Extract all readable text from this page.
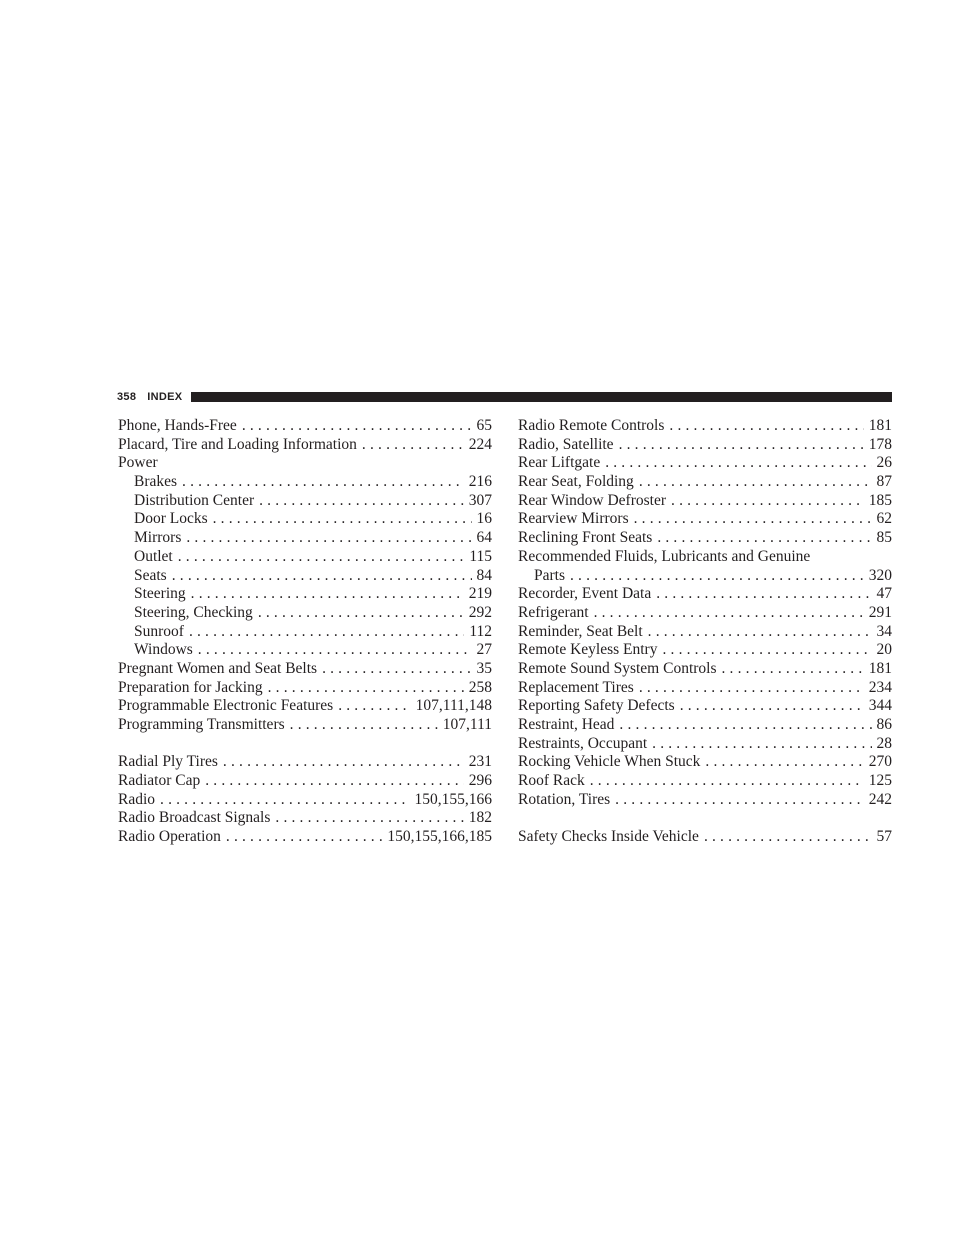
358 INDEX
Phone, Hands-Free . . .	65
Placard, Tire and Loading Information . . .	224
Power
Brakes . . .	216
Distribution Center . . .	307
Door Locks . . .	16
Mirrors . . .	64
Outlet . . .	115
Seats . . .	84
Steering . . .	219
Steering, Checking . . .	292
Sunroof . . .	112
Windows . . .	27
Pregnant Women and Seat Belts . . .	35
Preparation for Jacking . . .	258
Programmable Electronic Features . . .	107,111,148
Programming Transmitters . . .	107,111
Radial Ply Tires . . .	231
Radiator Cap . . .	296
Radio . . .	150,155,166
Radio Broadcast Signals . . .	182
Radio Operation . . .	150,155,166,185
Radio Remote Controls . . .	181
Radio, Satellite . . .	178
Rear Liftgate . . .	26
Rear Seat, Folding . . .	87
Rear Window Defroster . . .	185
Rearview Mirrors . . .	62
Reclining Front Seats . . .	85
Recommended Fluids, Lubricants and Genuine
Parts . . .	320
Recorder, Event Data . . .	47
Refrigerant . . .	291
Reminder, Seat Belt . . .	34
Remote Keyless Entry . . .	20
Remote Sound System Controls . . .	181
Replacement Tires . . .	234
Reporting Safety Defects . . .	344
Restraint, Head . . .	86
Restraints, Occupant . . .	28
Rocking Vehicle When Stuck . . .	270
Roof Rack . . .	125
Rotation, Tires . . .	242
Safety Checks Inside Vehicle . . .	57
